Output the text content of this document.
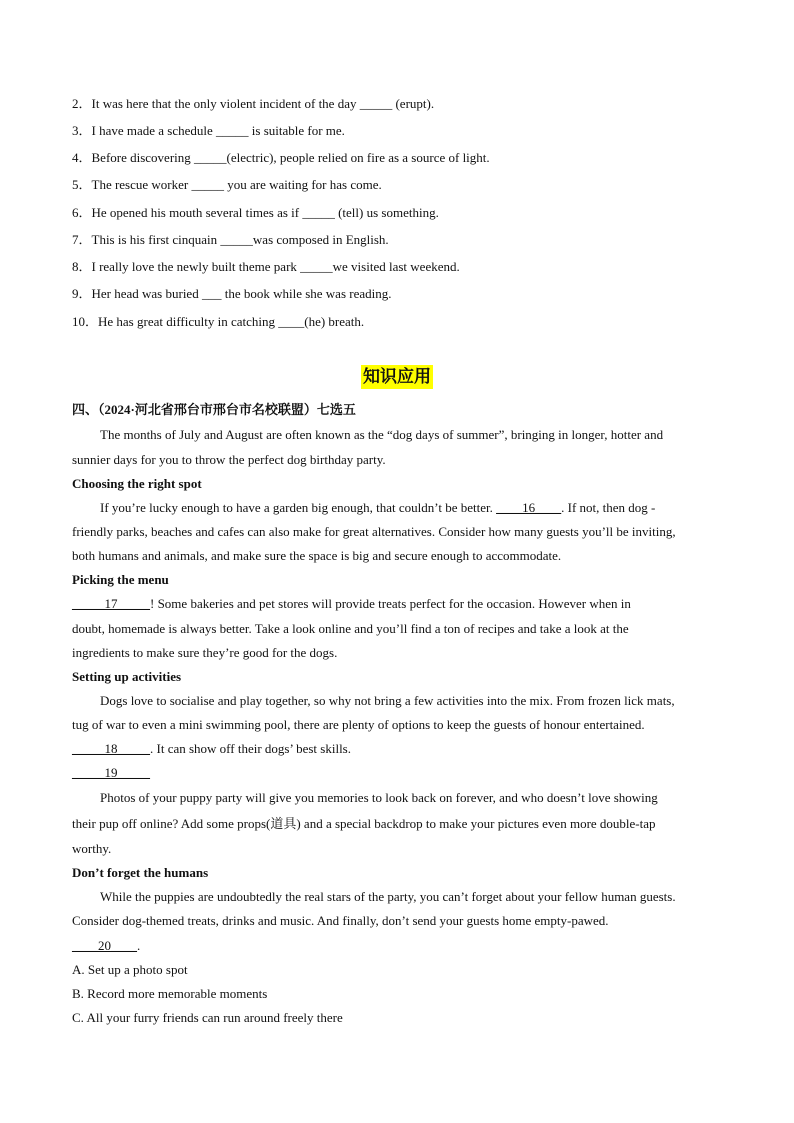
2．It was here that the only violent incident of the day _____ (erupt).
3．I have made a schedule _____ is suitable for me.
4．Before discovering _____(electric), people relied on fire as a source of light.
5．The rescue worker _____ you are waiting for has come.
6．He opened his mouth several times as if _____ (tell) us something.
7．This is his first cinquain _____was composed in English.
8．I really love the newly built theme park _____we visited last weekend.
9．Her head was buried ___ the book while she was reading.
10．He has great difficulty in catching ____(he) breath.
知识应用
四、（2024·河北省邢台市邢台市名校联盟）七选五
The months of July and August are often known as the “dog days of summer”, bringing in longer, hotter and
sunnier days for you to throw the perfect dog birthday party.
Choosing the right spot
If you’re lucky enough to have a garden big enough, that couldn’t be better. ____16____. If not, then dog -
friendly parks, beaches and cafes can also make for great alternatives. Consider how many guests you’ll be inviting,
both humans and animals, and make sure the space is big and secure enough to accommodate.
Picking the menu
_____17_____! Some bakeries and pet stores will provide treats perfect for the occasion. However when in
doubt, homemade is always better. Take a look online and you’ll find a ton of recipes and take a look at the
ingredients to make sure they’re good for the dogs.
Setting up activities
Dogs love to socialise and play together, so why not bring a few activities into the mix. From frozen lick mats,
tug of war to even a mini swimming pool, there are plenty of options to keep the guests of honour entertained.
_____18_____. It can show off their dogs’ best skills.
_____19_____
Photos of your puppy party will give you memories to look back on forever, and who doesn’t love showing
their pup off online? Add some props(道具) and a special backdrop to make your pictures even more double-tap
worthy.
Don’t forget the humans
While the puppies are undoubtedly the real stars of the party, you can’t forget about your fellow human guests.
Consider dog-themed treats, drinks and music. And finally, don’t send your guests home empty-pawed.
____20____.
A. Set up a photo spot
B. Record more memorable moments
C. All your furry friends can run around freely there
